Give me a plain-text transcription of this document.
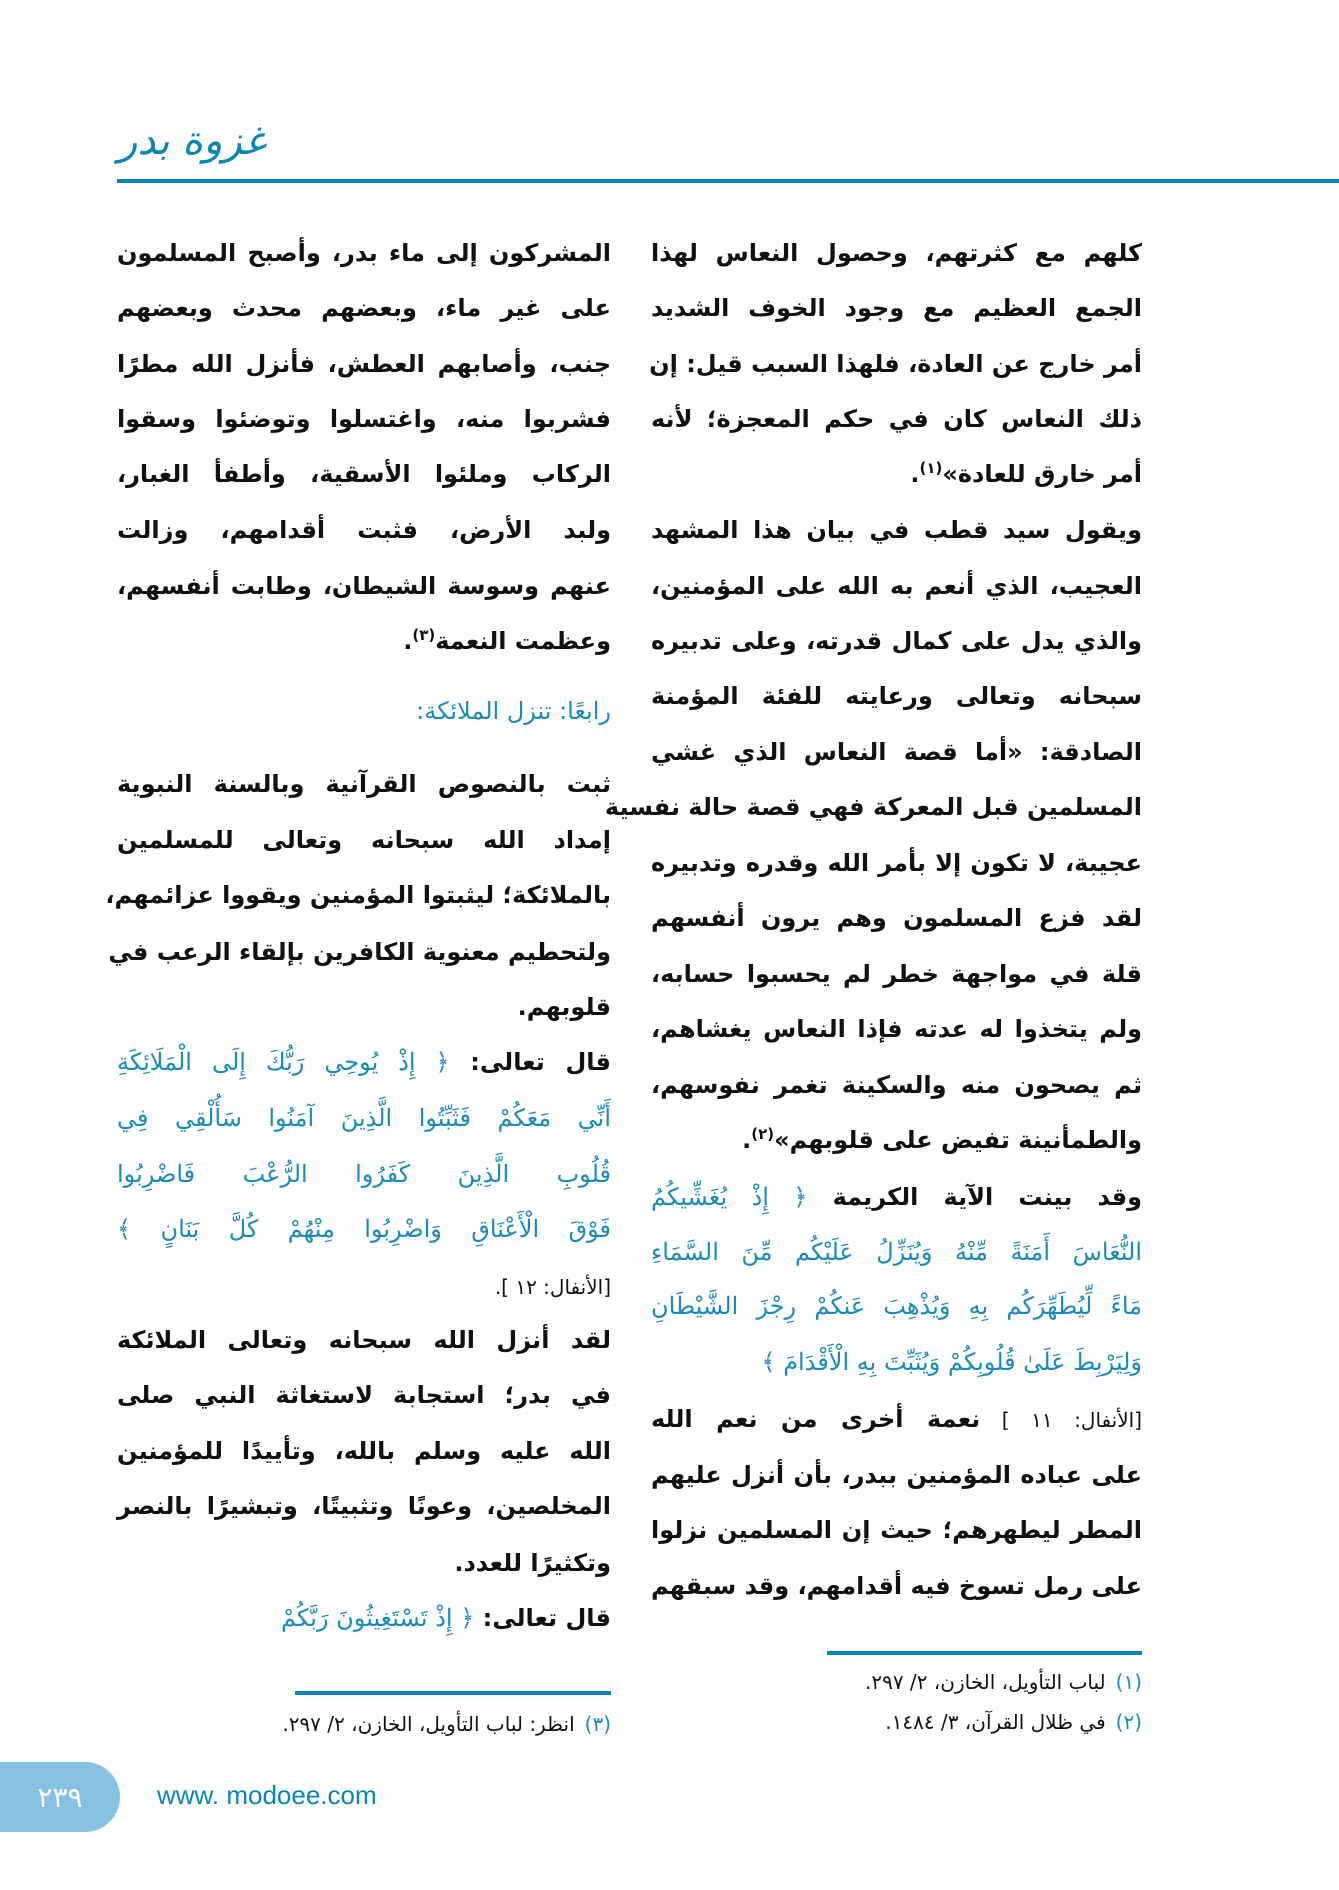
غزوة بدر
كلهم مع كثرتهم، وحصول النعاس لهذا
الجمع العظيم مع وجود الخوف الشديد
أمر خارج عن العادة، فلهذا السبب قيل: إن
ذلك النعاس كان في حكم المعجزة؛ لأنه
أمر خارق للعادة»$^{(١)}$.
ويقول سيد قطب في بيان هذا المشهد
العجيب، الذي أنعم به الله على المؤمنين،
والذي يدل على كمال قدرته، وعلى تدبيره
سبحانه وتعالى ورعايته للفئة المؤمنة
الصادقة: «أما قصة النعاس الذي غشي
المسلمين قبل المعركة فهي قصة حالة نفسية
عجيبة، لا تكون إلا بأمر الله وقدره وتدبيره
لقد فزع المسلمون وهم يرون أنفسهم
قلة في مواجهة خطر لم يحسبوا حسابه،
ولم يتخذوا له عدته فإذا النعاس يغشاهم،
ثم يصحون منه والسكينة تغمر نفوسهم،
والطمأنينة تفيض على قلوبهم»$^{(٢)}$.
وقد بينت الآية الكريمة ﴿ إِذْ يُغَشِّيكُمُ
النُّعَاسَ أَمَنَةً مِّنْهُ وَيُنَزِّلُ عَلَيْكُم مِّنَ السَّمَاءِ
مَاءً لِّيُطَهِّرَكُم بِهِ وَيُذْهِبَ عَنكُمْ رِجْزَ الشَّيْطَانِ
وَلِيَرْبِطَ عَلَىٰ قُلُوبِكُمْ وَيُثَبِّتَ بِهِ الْأَقْدَامَ ﴾
[الأنفال: ١١ ] نعمة أخرى من نعم الله
على عباده المؤمنين ببدر، بأن أنزل عليهم
المطر ليطهرهم؛ حيث إن المسلمين نزلوا
على رمل تسوخ فيه أقدامهم، وقد سبقهم
المشركون إلى ماء بدر، وأصبح المسلمون
على غير ماء، وبعضهم محدث وبعضهم
جنب، وأصابهم العطش، فأنزل الله مطرًا
فشربوا منه، واغتسلوا وتوضئوا وسقوا
الركاب وملئوا الأسقية، وأطفأ الغبار،
ولبد الأرض، فثبت أقدامهم، وزالت
عنهم وسوسة الشيطان، وطابت أنفسهم،
وعظمت النعمة$^{(٣)}$.
رابعًا: تنزل الملائكة:
ثبت بالنصوص القرآنية وبالسنة النبوية
إمداد الله سبحانه وتعالى للمسلمين
بالملائكة؛ ليثبتوا المؤمنين ويقووا عزائمهم،
ولتحطيم معنوية الكافرين بإلقاء الرعب في
قلوبهم.
قال تعالى: ﴿ إِذْ يُوحِي رَبُّكَ إِلَى الْمَلَائِكَةِ
أَنِّي مَعَكُمْ فَثَبِّتُوا الَّذِينَ آمَنُوا سَأُلْقِي فِي
قُلُوبِ الَّذِينَ كَفَرُوا الرُّعْبَ فَاضْرِبُوا
فَوْقَ الْأَعْنَاقِ وَاضْرِبُوا مِنْهُمْ كُلَّ بَنَانٍ ﴾
[الأنفال: ١٢ ].
لقد أنزل الله سبحانه وتعالى الملائكة
في بدر؛ استجابة لاستغاثة النبي صلى
الله عليه وسلم بالله، وتأييدًا للمؤمنين
المخلصين، وعونًا وتثبيتًا، وتبشيرًا بالنصر
وتكثيرًا للعدد.
قال تعالى: ﴿ إِذْ تَسْتَغِيثُونَ رَبَّكُمْ
(١)لباب التأويل، الخازن، ٢/ ٢٩٧.
(٢)في ظلال القرآن، ٣/ ١٤٨٤.
(٣)انظر: لباب التأويل، الخازن، ٢/ ٢٩٧.
٢٣٩	www. modoee.com
